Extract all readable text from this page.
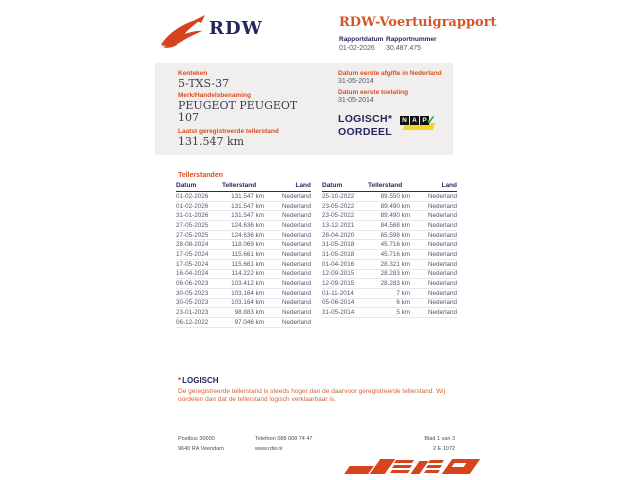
RDW	RDW-Voertuigrapport
Rapportdatum Rapportnummer
01-02-2026 30.487.475
Kenteken
5-TXS-37
Merk/Handelsbenaming
PEUGEOT PEUGEOT
107
Laatst geregistreerde tellerstand
131.547 km
Datum eerste afgifte in Nederland
31-05-2014
Datum eerste toelating
31-05-2014
LOGISCH*
OORDEEL
N A P ✓
Tellerstanden
Datum	Tellerstand	Land
01-02-2026	131.547 km	Nederland
01-02-2026	131.547 km	Nederland
31-01-2026	131.547 km	Nederland
27-05-2025	124.636 km	Nederland
27-05-2025	124.636 km	Nederland
28-08-2024	118.069 km	Nederland
17-05-2024	115.661 km	Nederland
17-05-2024	115.661 km	Nederland
16-04-2024	114.222 km	Nederland
06-06-2023	103.412 km	Nederland
30-05-2023	103.164 km	Nederland
30-05-2023	103.164 km	Nederland
23-01-2023	98.883 km	Nederland
06-12-2022	97.046 km	Nederland
Datum	Tellerstand	Land
25-10-2022	89.550 km	Nederland
23-05-2022	89.490 km	Nederland
23-05-2022	89.490 km	Nederland
13-12-2021	84.568 km	Nederland
28-04-2020	65.598 km	Nederland
31-05-2018	45.716 km	Nederland
31-05-2018	45.716 km	Nederland
01-04-2016	28.321 km	Nederland
12-09-2015	28.283 km	Nederland
12-09-2015	28.283 km	Nederland
01-11-2014	7 km	Nederland
05-06-2014	6 km	Nederland
31-05-2014	5 km	Nederland
*LOGISCH
De geregistreerde tellerstand is steeds hoger dan de daarvoor geregistreerde tellerstand. Wij oordelen dan dat de tellerstand logisch verklaarbaar is.
Postbus 30000
9640 RA Veendam
Telefoon 088 008 74 47
www.rdw.nl
Blad 1 van 3
2 E 1072
